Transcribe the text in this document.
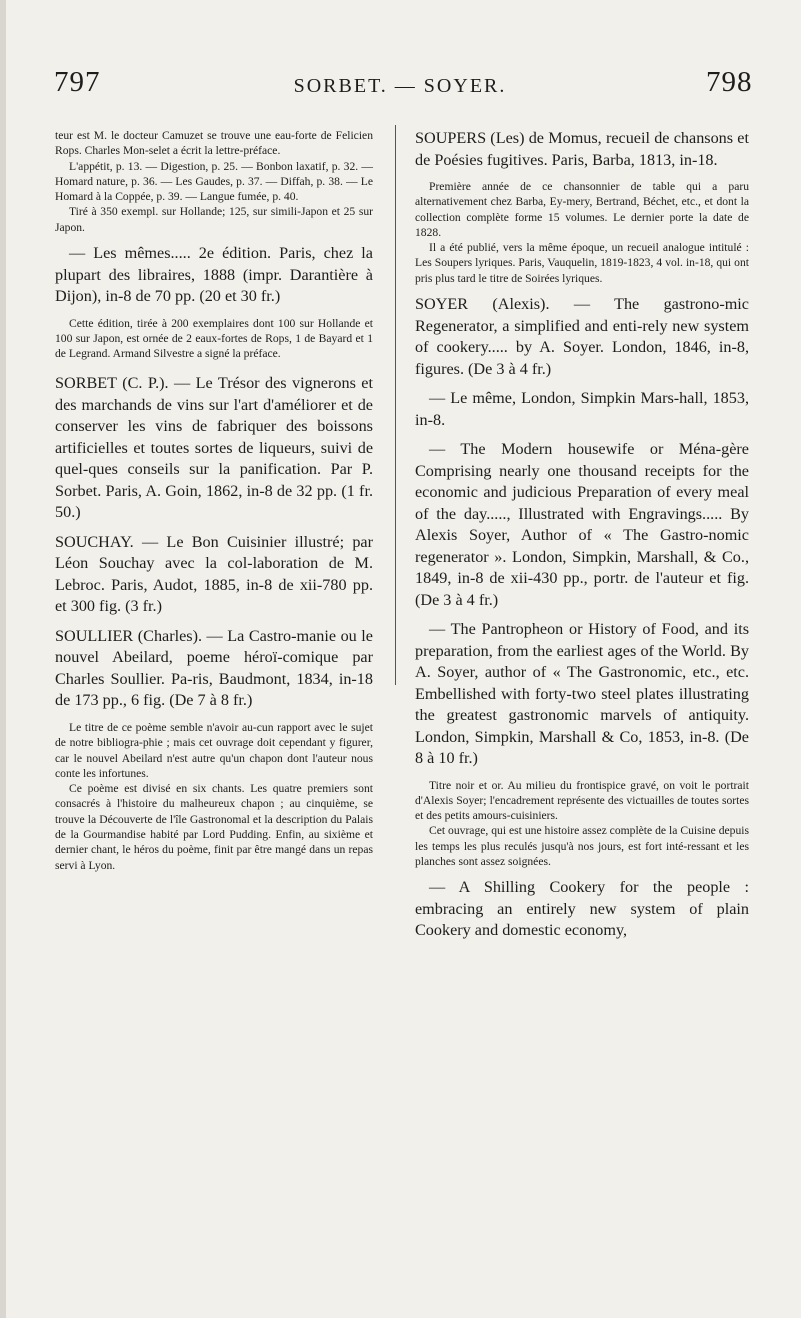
797	SORBET. — SOYER.	798

teur est M. le docteur Camuzet se trouve une eau-forte de Felicien Rops. Charles Mon-selet a écrit la lettre-préface.

L'appétit, p. 13. — Digestion, p. 25. — Bonbon laxatif, p. 32. — Homard nature, p. 36. — Les Gaudes, p. 37. — Diffah, p. 38. — Le Homard à la Coppée, p. 39. — Langue fumée, p. 40.

Tiré à 350 exempl. sur Hollande; 125, sur simili-Japon et 25 sur Japon.

— Les mêmes..... 2e édition. Paris, chez la plupart des libraires, 1888 (impr. Darantière à Dijon), in-8 de 70 pp. (20 et 30 fr.)

Cette édition, tirée à 200 exemplaires dont 100 sur Hollande et 100 sur Japon, est ornée de 2 eaux-fortes de Rops, 1 de Bayard et 1 de Legrand. Armand Silvestre a signé la préface.

SORBET (C. P.). — Le Trésor des vignerons et des marchands de vins sur l'art d'améliorer et de conserver les vins de fabriquer des boissons artificielles et toutes sortes de liqueurs, suivi de quel-ques conseils sur la panification. Par P. Sorbet. Paris, A. Goin, 1862, in-8 de 32 pp. (1 fr. 50.)

SOUCHAY. — Le Bon Cuisinier illustré; par Léon Souchay avec la col-laboration de M. Lebroc. Paris, Audot, 1885, in-8 de xii-780 pp. et 300 fig. (3 fr.)

SOULLIER (Charles). — La Castro-manie ou le nouvel Abeilard, poeme héroï-comique par Charles Soullier. Pa-ris, Baudmont, 1834, in-18 de 173 pp., 6 fig. (De 7 à 8 fr.)

Le titre de ce poème semble n'avoir au-cun rapport avec le sujet de notre bibliogra-phie ; mais cet ouvrage doit cependant y figurer, car le nouvel Abeilard n'est autre qu'un chapon dont l'auteur nous conte les infortunes.

Ce poème est divisé en six chants. Les quatre premiers sont consacrés à l'histoire du malheureux chapon ; au cinquième, se trouve la Découverte de l'île Gastronomal et la description du Palais de la Gourmandise habité par Lord Pudding. Enfin, au sixième et dernier chant, le héros du poème, finit par être mangé dans un repas servi à Lyon.

SOUPERS (Les) de Momus, recueil de chansons et de Poésies fugitives. Paris, Barba, 1813, in-18.

Première année de ce chansonnier de table qui a paru alternativement chez Barba, Ey-mery, Bertrand, Béchet, etc., et dont la collection complète forme 15 volumes. Le dernier porte la date de 1828.

Il a été publié, vers la même époque, un recueil analogue intitulé : Les Soupers lyriques. Paris, Vauquelin, 1819-1823, 4 vol. in-18, qui ont pris plus tard le titre de Soirées lyriques.

SOYER (Alexis). — The gastrono-mic Regenerator, a simplified and enti-rely new system of cookery..... by A. Soyer. London, 1846, in-8, figures. (De 3 à 4 fr.)

— Le même, London, Simpkin Mars-hall, 1853, in-8.

— The Modern housewife or Ména-gère Comprising nearly one thousand receipts for the economic and judicious Preparation of every meal of the day....., Illustrated with Engravings..... By Alexis Soyer, Author of « The Gastro-nomic regenerator ». London, Simpkin, Marshall, & Co., 1849, in-8 de xii-430 pp., portr. de l'auteur et fig. (De 3 à 4 fr.)

— The Pantropheon or History of Food, and its preparation, from the earliest ages of the World. By A. Soyer, author of « The Gastronomic, etc., etc. Embellished with forty-two steel plates illustrating the greatest gastronomic marvels of antiquity. London, Simpkin, Marshall & Co, 1853, in-8. (De 8 à 10 fr.)

Titre noir et or. Au milieu du frontispice gravé, on voit le portrait d'Alexis Soyer; l'encadrement représente des victuailles de toutes sortes et des petits amours-cuisiniers.

Cet ouvrage, qui est une histoire assez complète de la Cuisine depuis les temps les plus reculés jusqu'à nos jours, est fort inté-ressant et les planches sont assez soignées.

— A Shilling Cookery for the people : embracing an entirely new system of plain Cookery and domestic economy,
